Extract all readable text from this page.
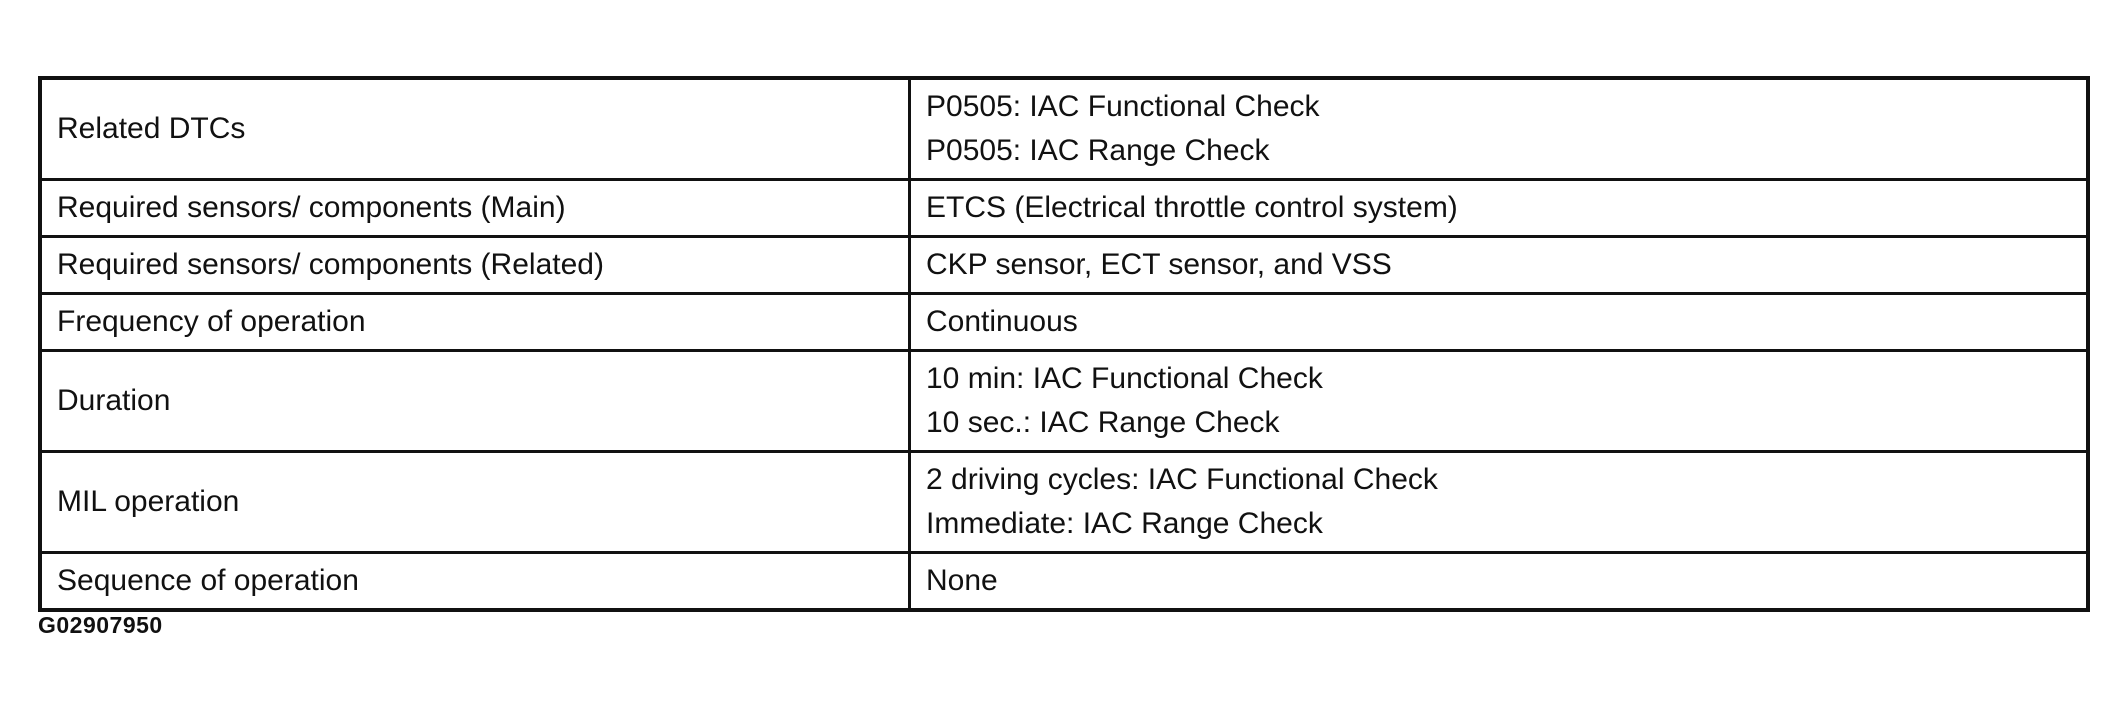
Related DTCs	P0505: IAC Functional Check
P0505: IAC Range Check

Required sensors/ components (Main)	ETCS (Electrical throttle control system)

Required sensors/ components (Related)	CKP sensor, ECT sensor, and VSS

Frequency of operation	Continuous

Duration	10 min: IAC Functional Check
10 sec.: IAC Range Check

MIL operation	2 driving cycles: IAC Functional Check
Immediate: IAC Range Check

Sequence of operation	None
G02907950
